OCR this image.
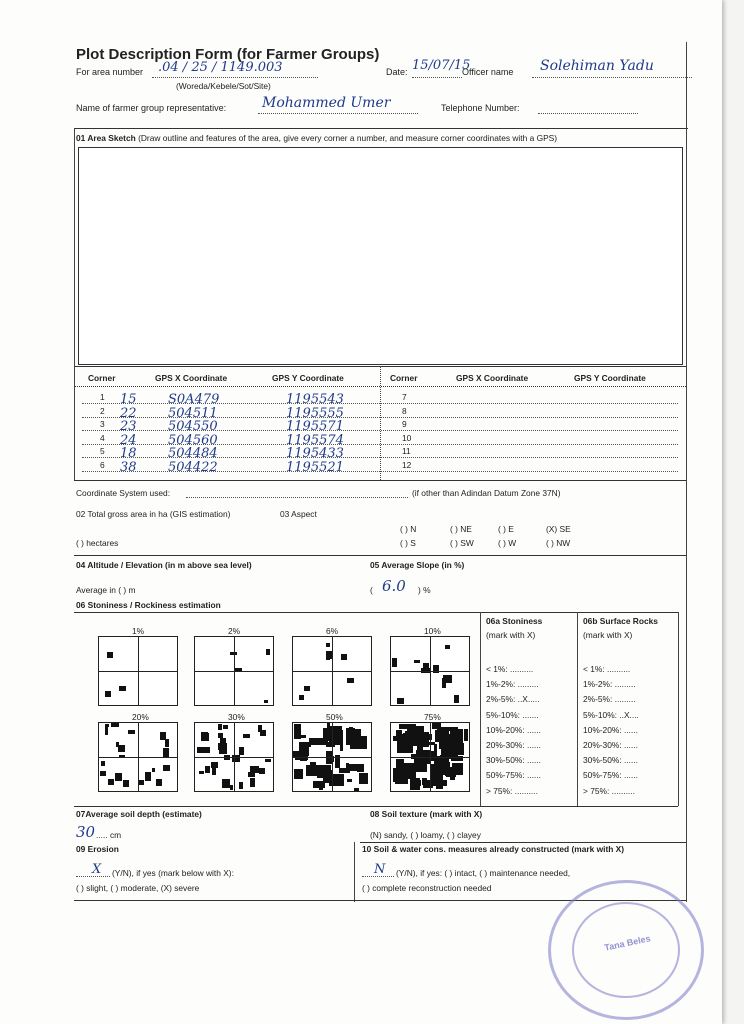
Plot Description Form (for Farmer Groups)
For area number .04 / 25 / 1149.003
(Woreda/Kebele/Sot/Site)
Date: 15/07/15
Officer name Solehiman Yadu
Name of farmer group representative:	Mohammed Umer	Telephone Number:
01 Area Sketch (Draw outline and features of the area, give every corner a number, and measure corner coordinates with a GPS)
Corner	GPS X Coordinate	GPS Y Coordinate	Corner	GPS X Coordinate	GPS Y Coordinate
1 15 S0A479	1195543	7
2 22 504511	1195555	8
3 23 504550	1195571	9
4 24 504560	1195574	10
5 18 504484	1195433	11
6 38 504422	1195521	12
Coordinate System used:	(if other than Adindan Datum Zone 37N)
02 Total gross area in ha (GIS estimation)	03 Aspect
( ) hectares
( ) N	( ) NE	( ) E	(X) SE
( ) S	( ) SW	( ) W	( ) NW
04 Altitude / Elevation (in m above sea level)	05 Average Slope (in %)
Average in ( ) m	( 6.0 ) %
06 Stoniness / Rockiness estimation
1%	2%	6%	10%
20%	30%	50%	75%
06a Stoniness
(mark with X)
06b Surface Rocks
(mark with X)
< 1%: ..........
1%-2%: .........
2%-5%: ..X.....
5%-10%: .......
10%-20%: ......
20%-30%: ......
30%-50%: ......
50%-75%: ......
> 75%: ..........
< 1%: ..........
1%-2%: .........
2%-5%: .........
5%-10%: ..X....
10%-20%: ......
20%-30%: ......
30%-50%: ......
50%-75%: ......
> 75%: ..........
07Average soil depth (estimate)	08 Soil texture (mark with X)
30 ..... cm	(N) sandy, ( ) loamy, ( ) clayey
09 Erosion	10 Soil & water cons. measures already constructed (mark with X)
X (Y/N), if yes (mark below with X):
( ) slight, ( ) moderate, (X) severe
N (Y/N), if yes: ( ) intact, ( ) maintenance needed,
( ) complete reconstruction needed
Tana Beles
